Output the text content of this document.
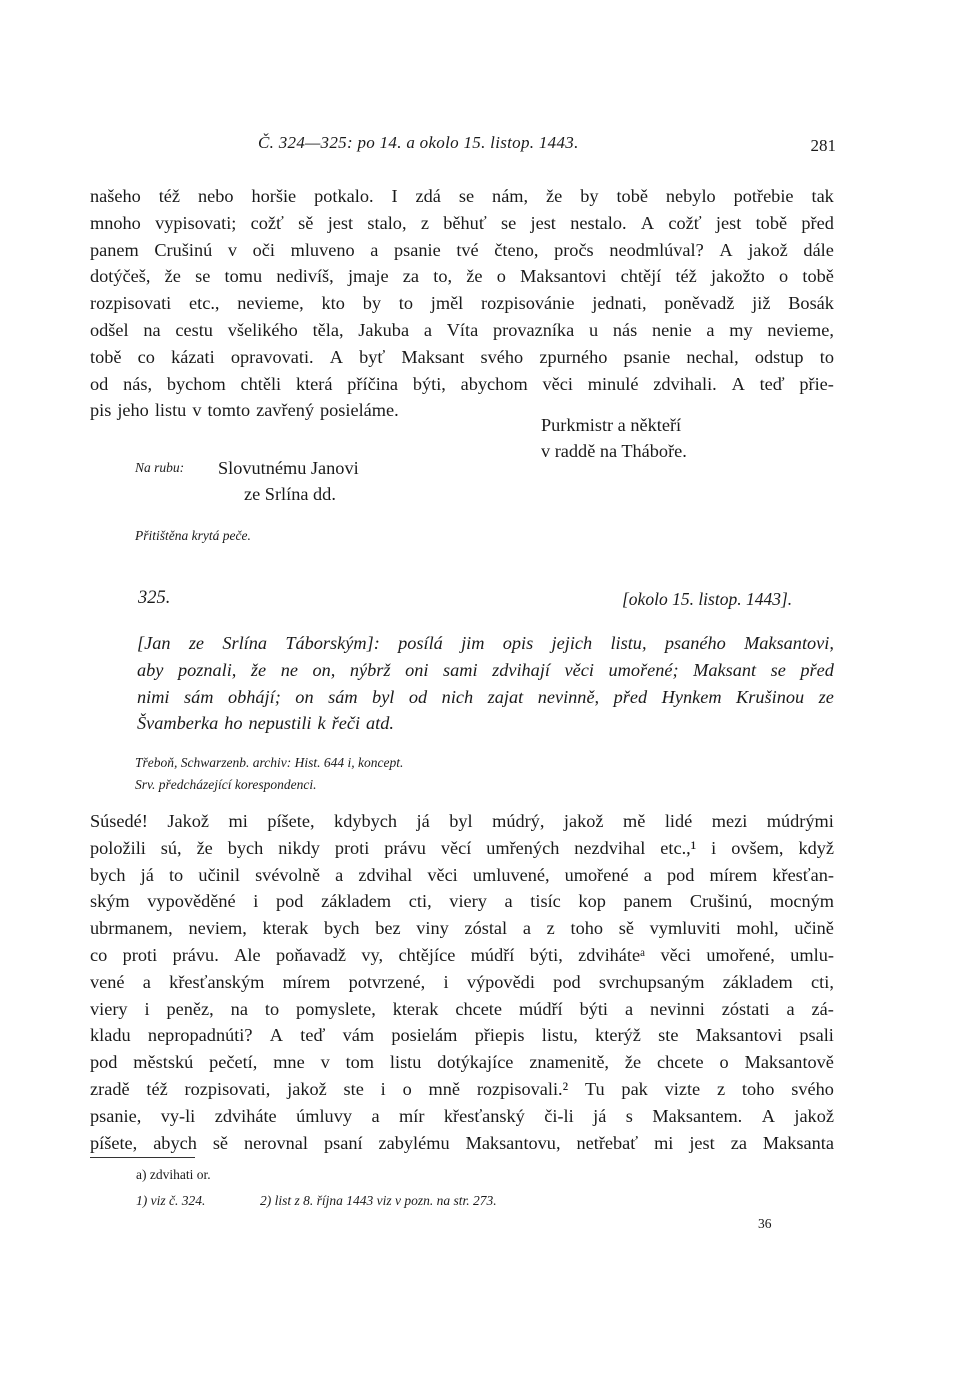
Č. 324—325: po 14. a okolo 15. listop. 1443.	281
našeho též nebo horšie potkalo. I zdá se nám, že by tobě nebylo potřebie tak
mnoho vypisovati; cožť sě jest stalo, z běhuť se jest nestalo. A cožť jest tobě před
panem Crušinú v oči mluveno a psanie tvé čteno, pročs neodmlúval? A jakož dále
dotýčeš, že se tomu nedivíš, jmaje za to, že o Maksantovi chtějí též jakožto o tobě
rozpisovati etc., nevieme, kto by to jměl rozpisovánie jednati, poněvadž již Bosák
odšel na cestu všelikého těla, Jakuba a Víta provazníka u nás nenie a my nevieme,
tobě co kázati opravovati. A byť Maksant svého zpurného psanie nechal, odstup to
od nás, bychom chtěli která příčina býti, abychom věci minulé zdvihali. A teď přie-
pis jeho listu v tomto zavřený posieláme.
Purkmistr a někteří
v raddě na Tháboře.
Na rubu: Slovutnému Janovi
ze Srlína dd.
Přitištěna krytá peče.
325.	[okolo 15. listop. 1443].
[Jan ze Srlína Táborským]: posílá jim opis jejich listu, psaného Maksantovi,
aby poznali, že ne on, nýbrž oni sami zdvihají věci umořené; Maksant se před
nimi sám obhájí; on sám byl od nich zajat nevinně, před Hynkem Krušinou ze
Švamberka ho nepustili k řeči atd.
Třeboň, Schwarzenb. archiv: Hist. 644 i, koncept.
Srv. předcházející korespondenci.
Súsedé! Jakož mi píšete, kdybych já byl múdrý, jakož mě lidé mezi múdrými
položili sú, že bych nikdy proti právu věcí umřených nezdvihal etc.,¹ i ovšem, když
bych já to učinil svévolně a zdvihal věci umluvené, umořené a pod mírem křesťan-
ským vypověděné i pod základem cti, viery a tisíc kop panem Crušinú, mocným
ubrmanem, neviem, kterak bych bez viny zóstal a z toho sě vymluviti mohl, učině
co proti právu. Ale poňavadž vy, chtějíce múdří býti, zdviháteᵃ věci umořené, umlu-
vené a křesťanským mírem potvrzené, i výpovědi pod svrchupsaným základem cti,
viery i peněz, na to pomyslete, kterak chcete múdří býti a nevinni zóstati a zá-
kladu nepropadnúti? A teď vám posielám přiepis listu, kterýž ste Maksantovi psali
pod městskú pečetí, mne v tom listu dotýkajíce znamenitě, že chcete o Maksantově
zradě též rozpisovati, jakož ste i o mně rozpisovali.² Tu pak vizte z toho svého
psanie, vy-li zdviháte úmluvy a mír křesťanský či-li já s Maksantem. A jakož
píšete, abych sě nerovnal psaní zabylému Maksantovu, netřebať mi jest za Maksanta
a) zdvihati or.
1) viz č. 324.	2) list z 8. října 1443 viz v pozn. na str. 273.
36
